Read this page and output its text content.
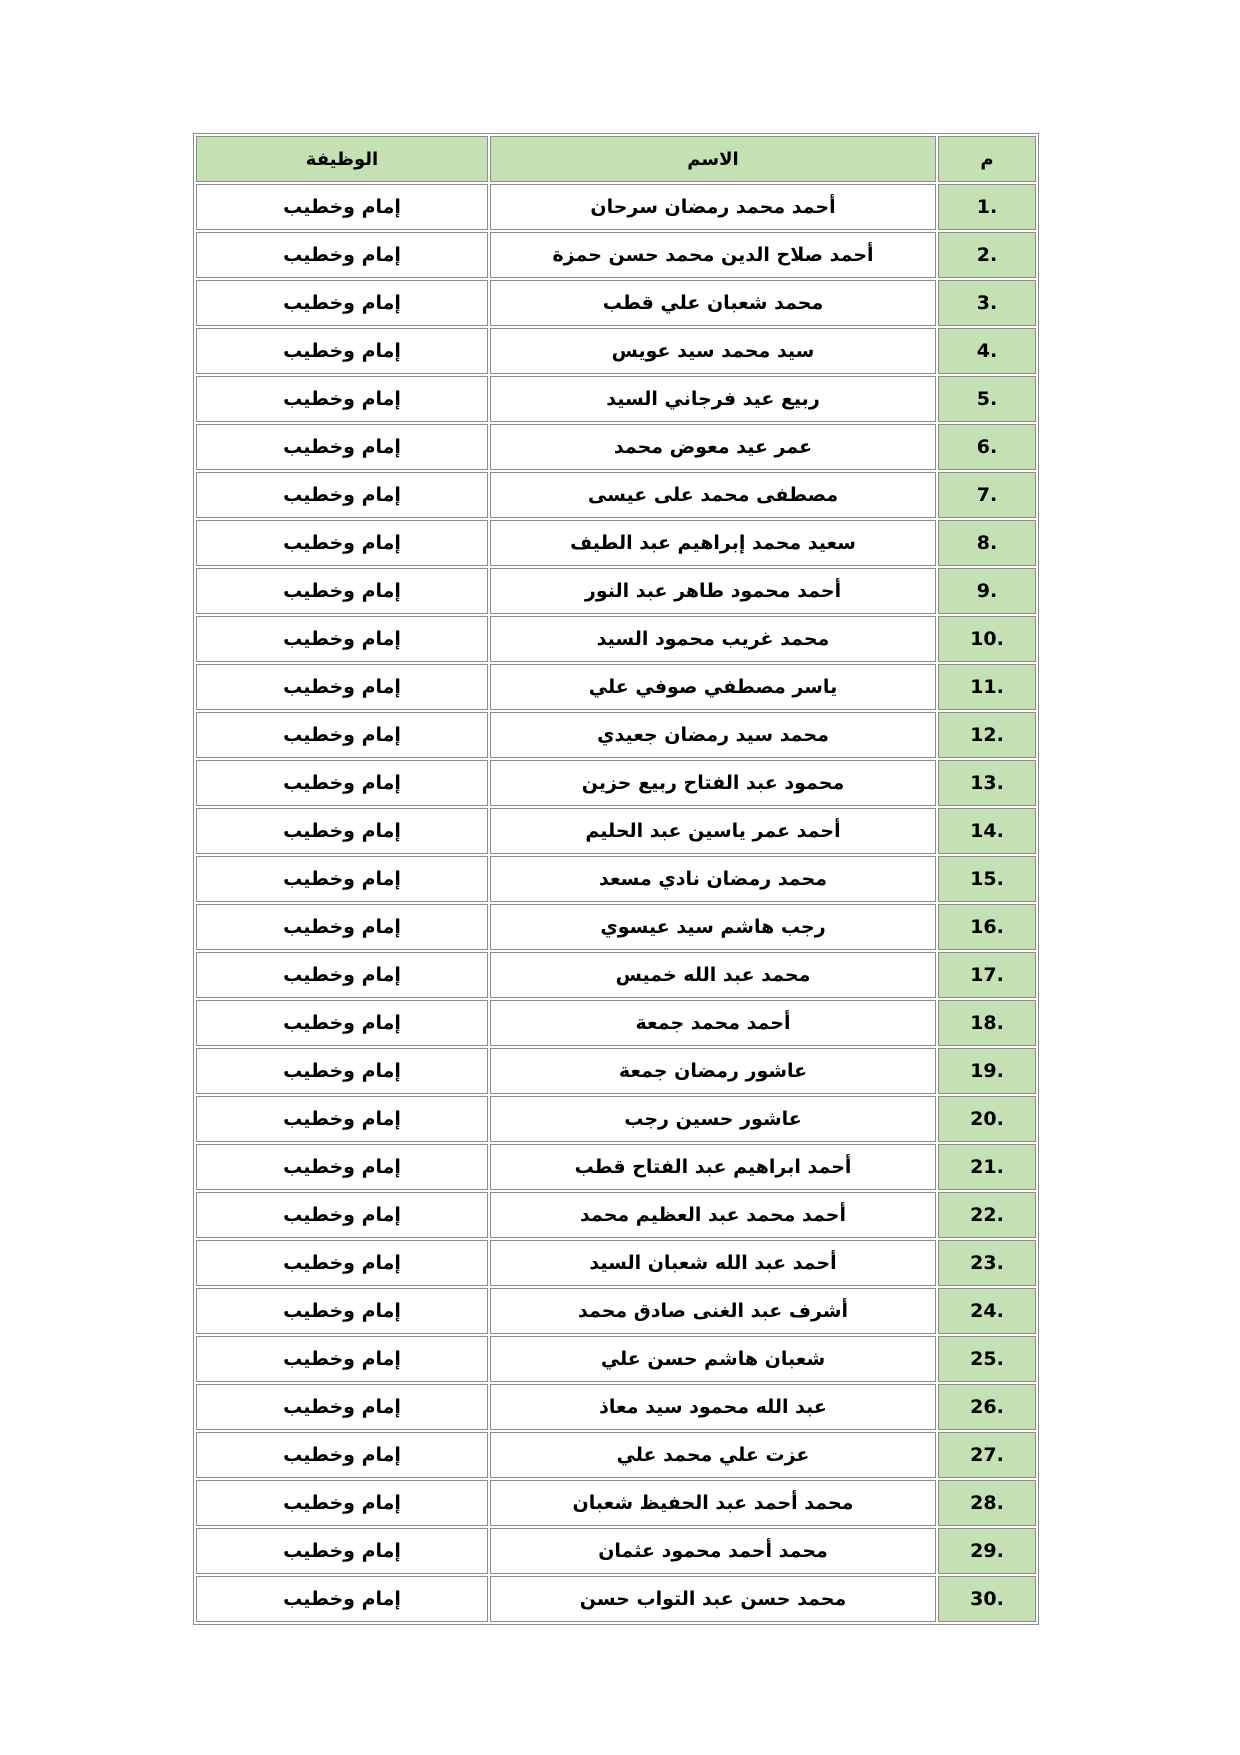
م	الاسم	الوظيفة
1.	أحمد محمد رمضان سرحان	إمام وخطيب
2.	أحمد صلاح الدين محمد حسن حمزة	إمام وخطيب
3.	محمد شعبان علي قطب	إمام وخطيب
4.	سيد محمد سيد عويس	إمام وخطيب
5.	ربيع عيد فرجاني السيد	إمام وخطيب
6.	عمر عيد معوض محمد	إمام وخطيب
7.	مصطفى محمد على عيسى	إمام وخطيب
8.	سعيد محمد إبراهيم عبد الطيف	إمام وخطيب
9.	أحمد محمود طاهر عبد النور	إمام وخطيب
10.	محمد غريب محمود السيد	إمام وخطيب
11.	ياسر مصطفي صوفي علي	إمام وخطيب
12.	محمد سيد رمضان جعيدي	إمام وخطيب
13.	محمود عبد الفتاح ربيع حزين	إمام وخطيب
14.	أحمد عمر ياسين عبد الحليم	إمام وخطيب
15.	محمد رمضان نادي مسعد	إمام وخطيب
16.	رجب هاشم سيد عيسوي	إمام وخطيب
17.	محمد عبد الله خميس	إمام وخطيب
18.	أحمد محمد جمعة	إمام وخطيب
19.	عاشور رمضان جمعة	إمام وخطيب
20.	عاشور حسين رجب	إمام وخطيب
21.	أحمد ابراهيم عبد الفتاح قطب	إمام وخطيب
22.	أحمد محمد عبد العظيم محمد	إمام وخطيب
23.	أحمد عبد الله شعبان السيد	إمام وخطيب
24.	أشرف عبد الغنى صادق محمد	إمام وخطيب
25.	شعبان هاشم حسن علي	إمام وخطيب
26.	عبد الله محمود سيد معاذ	إمام وخطيب
27.	عزت علي محمد علي	إمام وخطيب
28.	محمد أحمد عبد الحفيظ شعبان	إمام وخطيب
29.	محمد أحمد محمود عثمان	إمام وخطيب
30.	محمد حسن عبد التواب حسن	إمام وخطيب
